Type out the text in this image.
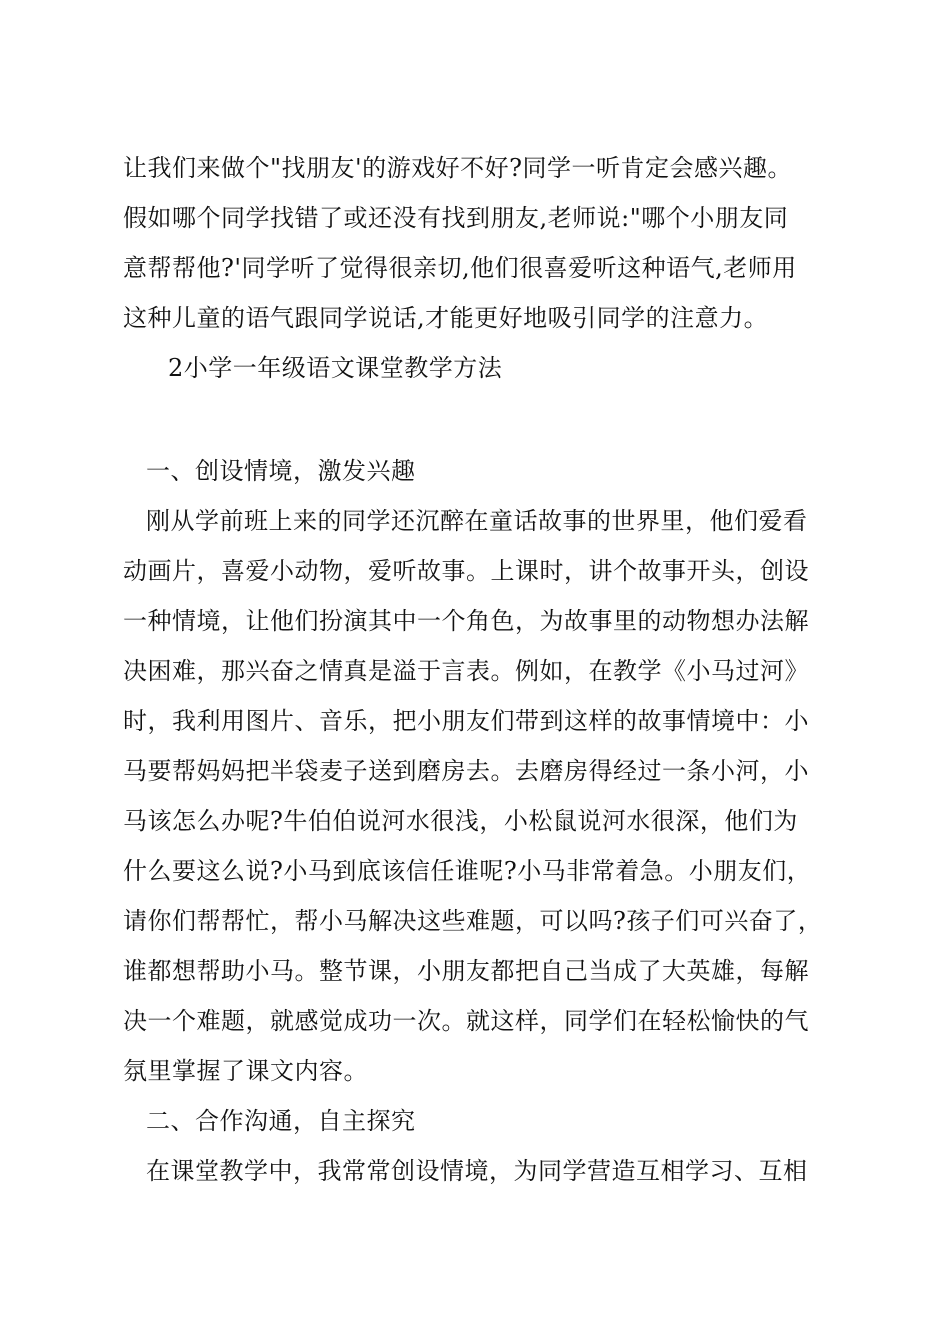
让我们来做个"找朋友'的游戏好不好?同学一听肯定会感兴趣。
假如哪个同学找错了或还没有找到朋友,老师说:"哪个小朋友同
意帮帮他?'同学听了觉得很亲切,他们很喜爱听这种语气,老师用
这种儿童的语气跟同学说话,才能更好地吸引同学的注意力。
2小学一年级语文课堂教学方法
一、创设情境，激发兴趣
刚从学前班上来的同学还沉醉在童话故事的世界里，他们爱看
动画片，喜爱小动物，爱听故事。上课时，讲个故事开头，创设
一种情境，让他们扮演其中一个角色，为故事里的动物想办法解
决困难，那兴奋之情真是溢于言表。例如，在教学《小马过河》
时，我利用图片、音乐，把小朋友们带到这样的故事情境中：小
马要帮妈妈把半袋麦子送到磨房去。去磨房得经过一条小河，小
马该怎么办呢?牛伯伯说河水很浅，小松鼠说河水很深，他们为
什么要这么说?小马到底该信任谁呢?小马非常着急。小朋友们，
请你们帮帮忙，帮小马解决这些难题，可以吗?孩子们可兴奋了，
谁都想帮助小马。整节课，小朋友都把自己当成了大英雄，每解
决一个难题，就感觉成功一次。就这样，同学们在轻松愉快的气
氛里掌握了课文内容。
二、合作沟通，自主探究
在课堂教学中，我常常创设情境，为同学营造互相学习、互相
